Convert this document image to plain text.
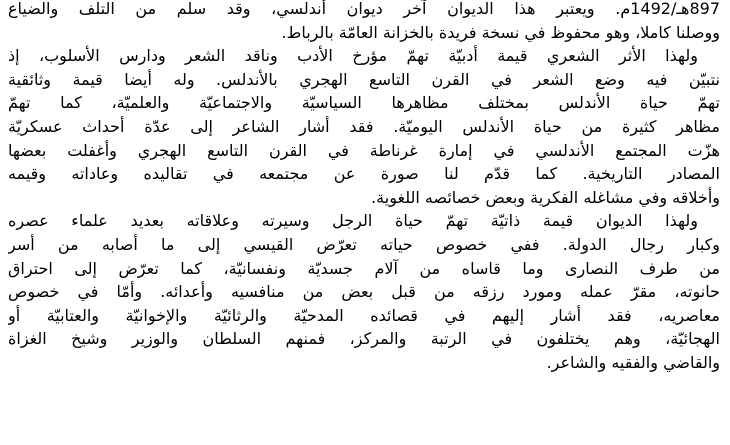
897هـ/1492م. ويعتبر هذا الديوان آخر ديوان أندلسي، وقد سلم من التلف والضياع
ووصلنا كاملا، وهو محفوظ في نسخة فريدة بالخزانة العامّة بالرباط.
ولهذا الأثر الشعري قيمة أدبيّة تهمّ مؤرخ الأدب وناقد الشعر ودارس الأسلوب، إذ
نتبيّن فيه وضع الشعر في القرن التاسع الهجري بالأندلس. وله أيضا قيمة وثائقية
تهمّ حياة الأندلس بمختلف مظاهرها السياسيّة والاجتماعيّة والعلميّة، كما تهمّ
مظاهر كثيرة من حياة الأندلس اليوميّة. فقد أشار الشاعر إلى عدّة أحداث عسكريّة
هزّت المجتمع الأندلسي في إمارة غرناطة في القرن التاسع الهجري وأغفلت بعضها
المصادر التاريخية. كما قدّم لنا صورة عن مجتمعه في تقاليده وعاداته وقيمه
وأخلاقه وفي مشاغله الفكرية وبعض خصائصه اللغوية.
ولهذا الديوان قيمة ذاتيّة تهمّ حياة الرجل وسيرته وعلاقاته بعديد علماء عصره
وكبار رجال الدولة. ففي خصوص حياته تعرّض القيسي إلى ما أصابه من أسر
من طرف النصارى وما قاساه من آلام جسديّة ونفسانيّة، كما تعرّض إلى احتراق
حانوته، مقرّ عمله ومورد رزقه من قبل بعض من منافسيه وأعدائه. وأمّا في خصوص
معاصريه، فقد أشار إليهم في قصائده المدحيّة والرثائيّة والإخوانيّة والعتابيّة أو
الهجائيّة، وهم يختلفون في الرتبة والمركز، فمنهم السلطان والوزير وشيخ الغزاة
والقاضي والفقيه والشاعر.
